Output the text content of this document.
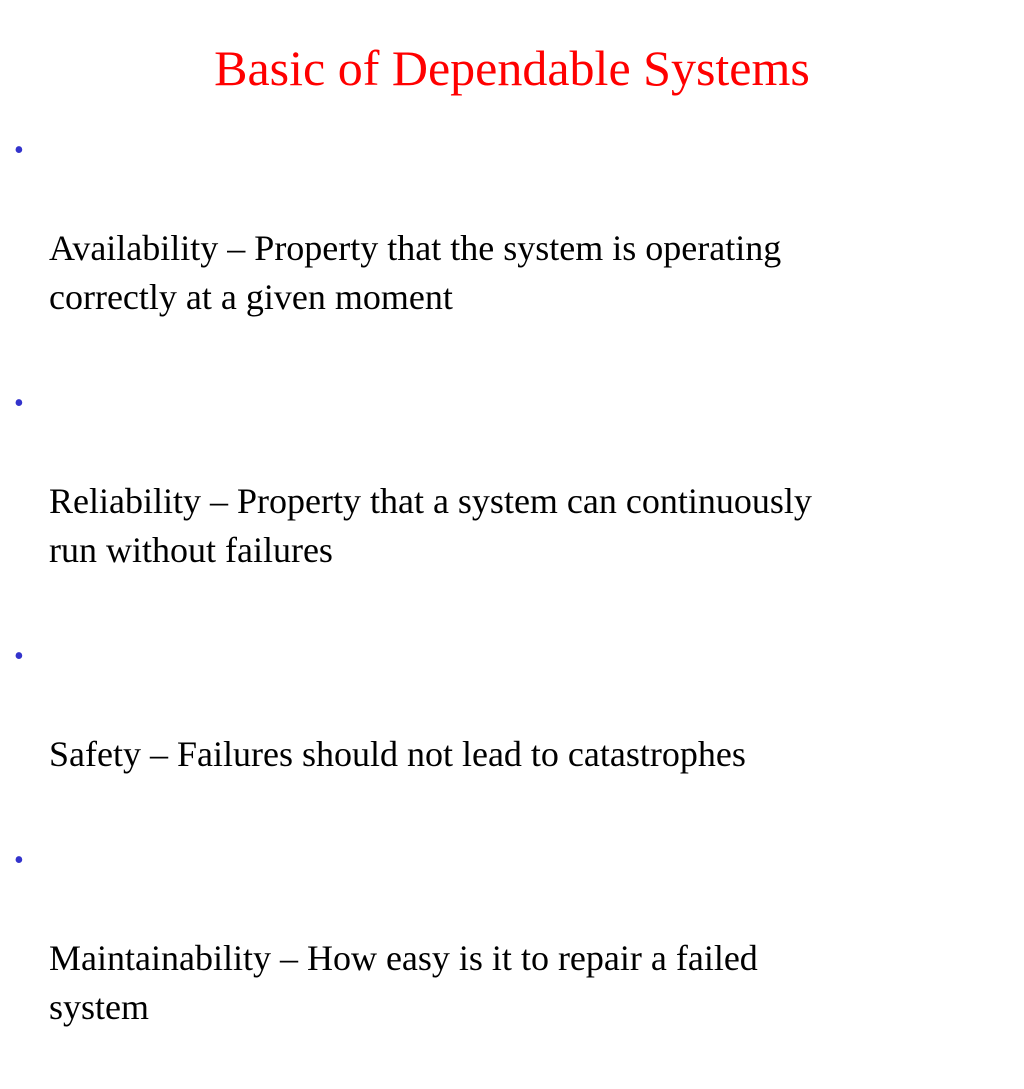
Basic of Dependable Systems

•

Availability – Property that the system is operating
correctly at a given moment

•

Reliability – Property that a system can continuously
run without failures

•

Safety – Failures should not lead to catastrophes

•

Maintainability – How easy is it to repair a failed
system
